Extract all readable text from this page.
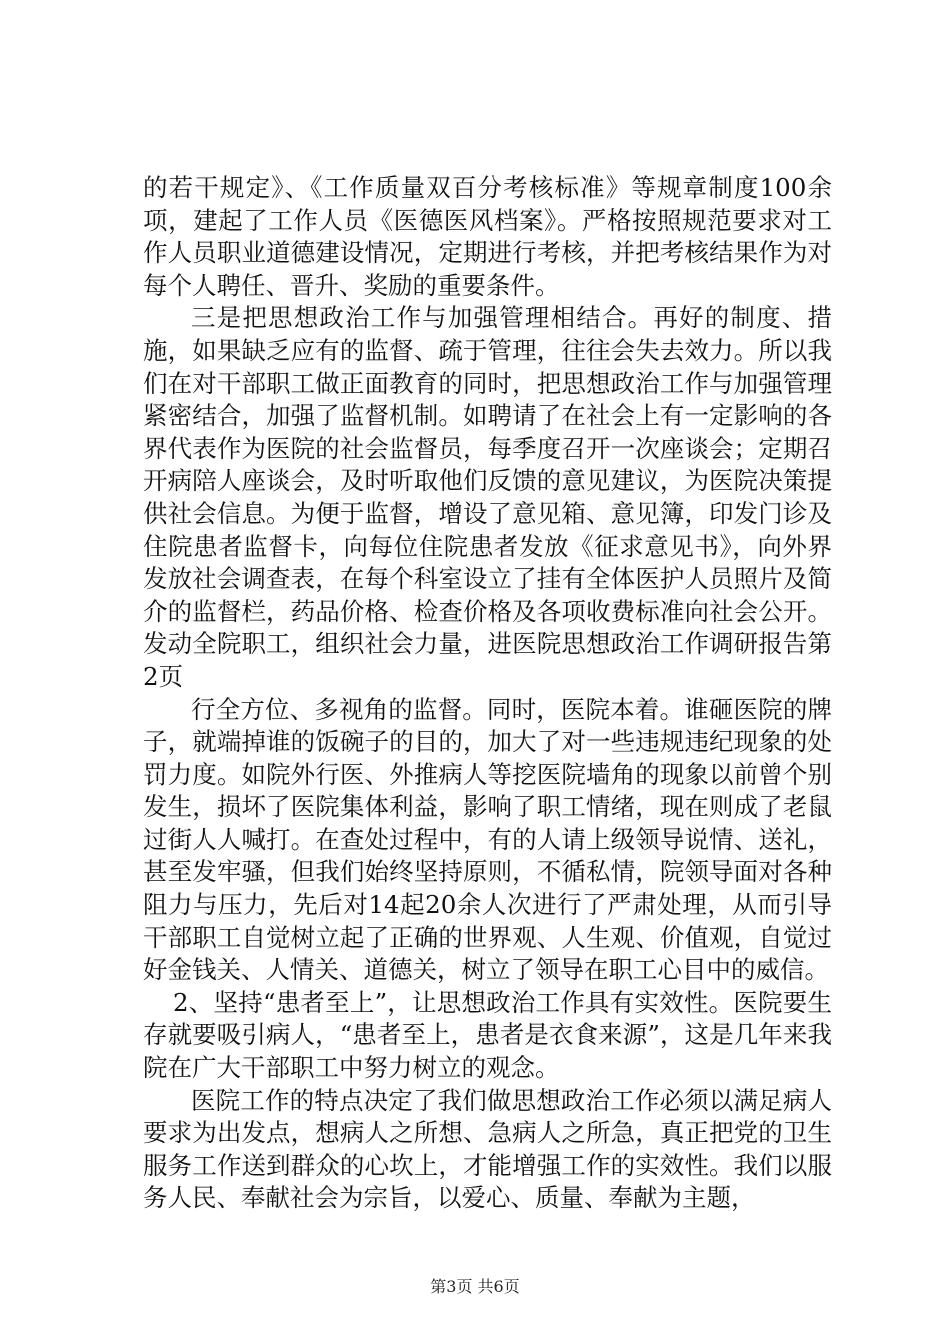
的若干规定》、《工作质量双百分考核标准》等规章制度100余项，建起了工作人员《医德医风档案》。严格按照规范要求对工作人员职业道德建设情况，定期进行考核，并把考核结果作为对每个人聘任、晋升、奖励的重要条件。

三是把思想政治工作与加强管理相结合。再好的制度、措施，如果缺乏应有的监督、疏于管理，往往会失去效力。所以我们在对干部职工做正面教育的同时，把思想政治工作与加强管理紧密结合，加强了监督机制。如聘请了在社会上有一定影响的各界代表作为医院的社会监督员，每季度召开一次座谈会；定期召开病陪人座谈会，及时听取他们反馈的意见建议，为医院决策提供社会信息。为便于监督，增设了意见箱、意见簿，印发门诊及住院患者监督卡，向每位住院患者发放《征求意见书》，向外界发放社会调查表，在每个科室设立了挂有全体医护人员照片及简介的监督栏，药品价格、检查价格及各项收费标准向社会公开。发动全院职工，组织社会力量，进医院思想政治工作调研报告第2页

行全方位、多视角的监督。同时，医院本着。谁砸医院的牌子，就端掉谁的饭碗子的目的，加大了对一些违规违纪现象的处罚力度。如院外行医、外推病人等挖医院墙角的现象以前曾个别发生，损坏了医院集体利益，影响了职工情绪，现在则成了老鼠过街人人喊打。在查处过程中，有的人请上级领导说情、送礼，甚至发牢骚，但我们始终坚持原则，不循私情，院领导面对各种阻力与压力，先后对14起20余人次进行了严肃处理，从而引导干部职工自觉树立起了正确的世界观、人生观、价值观，自觉过好金钱关、人情关、道德关，树立了领导在职工心目中的威信。

2、坚持“患者至上”，让思想政治工作具有实效性。医院要生存就要吸引病人，“患者至上，患者是衣食来源”，这是几年来我院在广大干部职工中努力树立的观念。

医院工作的特点决定了我们做思想政治工作必须以满足病人要求为出发点，想病人之所想、急病人之所急，真正把党的卫生服务工作送到群众的心坎上，才能增强工作的实效性。我们以服务人民、奉献社会为宗旨，以爱心、质量、奉献为主题，

第3页 共6页
